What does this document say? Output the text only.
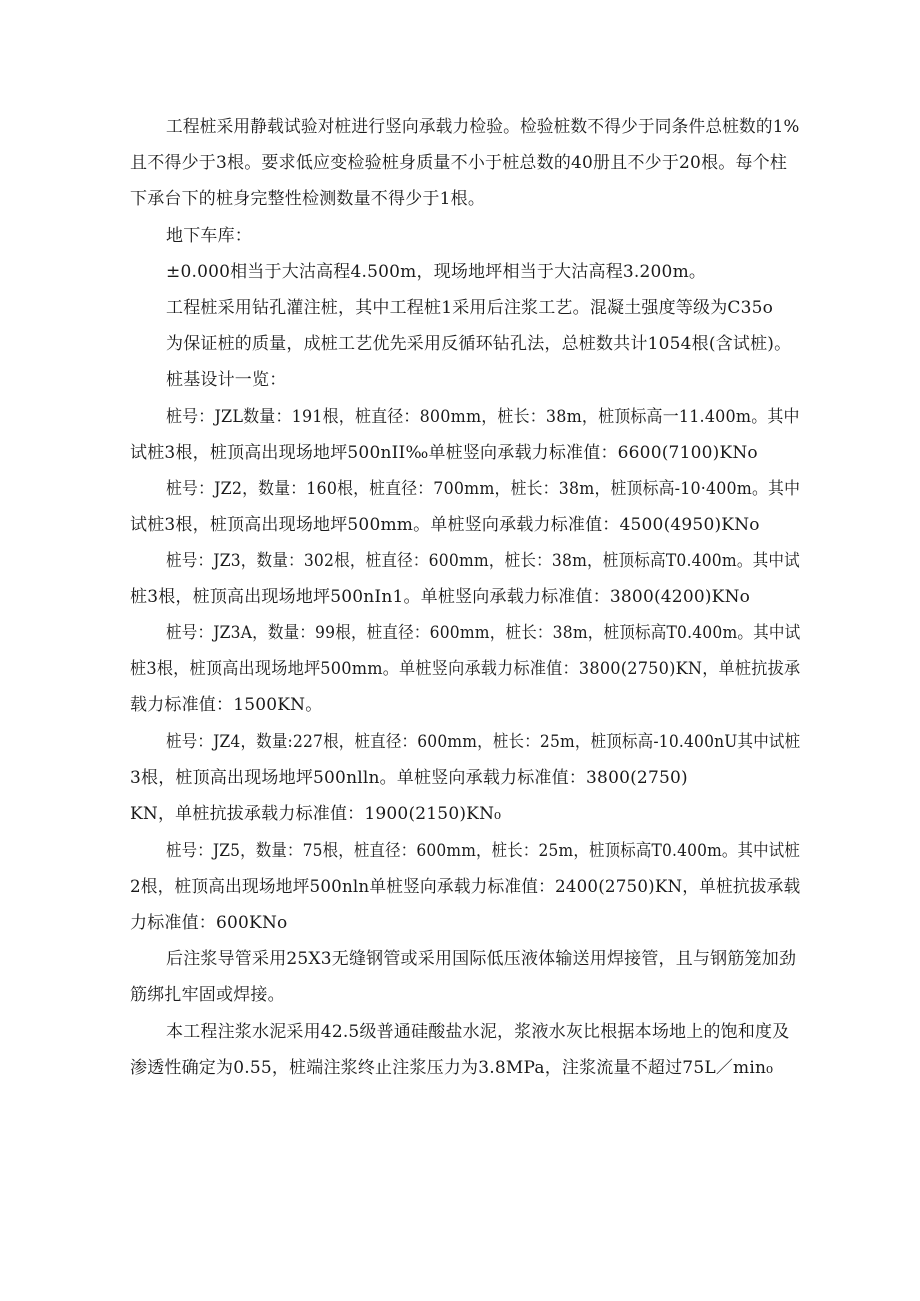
工程桩采用静载试验对桩进行竖向承载力检验。检验桩数不得少于同条件总桩数的1%
且不得少于3根。要求低应变检验桩身质量不小于桩总数的40册且不少于20根。每个柱
下承台下的桩身完整性检测数量不得少于1根。
地下车库：
±0.000相当于大沽高程4.500m，现场地坪相当于大沽高程3.200m。
工程桩采用钻孔灌注桩，其中工程桩1采用后注浆工艺。混凝土强度等级为C35o
为保证桩的质量，成桩工艺优先采用反循环钻孔法，总桩数共计1054根(含试桩)。
桩基设计一览：
桩号：JZL数量：191根，桩直径：800mm，桩长：38m，桩顶标高一11.400m。其中
试桩3根，桩顶高出现场地坪500nII‰单桩竖向承载力标准值：6600(7100)KNo
桩号：JZ2，数量：160根，桩直径：700mm，桩长：38m，桩顶标高-10·400m。其中
试桩3根，桩顶高出现场地坪500mm。单桩竖向承载力标准值：4500(4950)KNo
桩号：JZ3，数量：302根，桩直径：600mm，桩长：38m，桩顶标高T0.400m。其中试
桩3根，桩顶高出现场地坪500nIn1。单桩竖向承载力标准值：3800(4200)KNo
桩号：JZ3A，数量：99根，桩直径：600mm，桩长：38m，桩顶标高T0.400m。其中试
桩3根，桩顶高出现场地坪500mm。单桩竖向承载力标准值：3800(2750)KN，单桩抗拔承
载力标准值：1500KN。
桩号：JZ4，数量:227根，桩直径：600mm，桩长：25m，桩顶标高-10.400nU其中试桩
3根，桩顶高出现场地坪500nlln。单桩竖向承载力标准值：3800(2750)
KN，单桩抗拔承载力标准值：1900(2150)KN₀
桩号：JZ5，数量：75根，桩直径：600mm，桩长：25m，桩顶标高T0.400m。其中试桩
2根，桩顶高出现场地坪500nln单桩竖向承载力标准值：2400(2750)KN，单桩抗拔承载
力标准值：600KNo
后注浆导管采用25X3无缝钢管或采用国际低压液体输送用焊接管，且与钢筋笼加劲
筋绑扎牢固或焊接。
本工程注浆水泥采用42.5级普通硅酸盐水泥，浆液水灰比根据本场地上的饱和度及
渗透性确定为0.55，桩端注浆终止注浆压力为3.8MPa，注浆流量不超过75L／min₀
